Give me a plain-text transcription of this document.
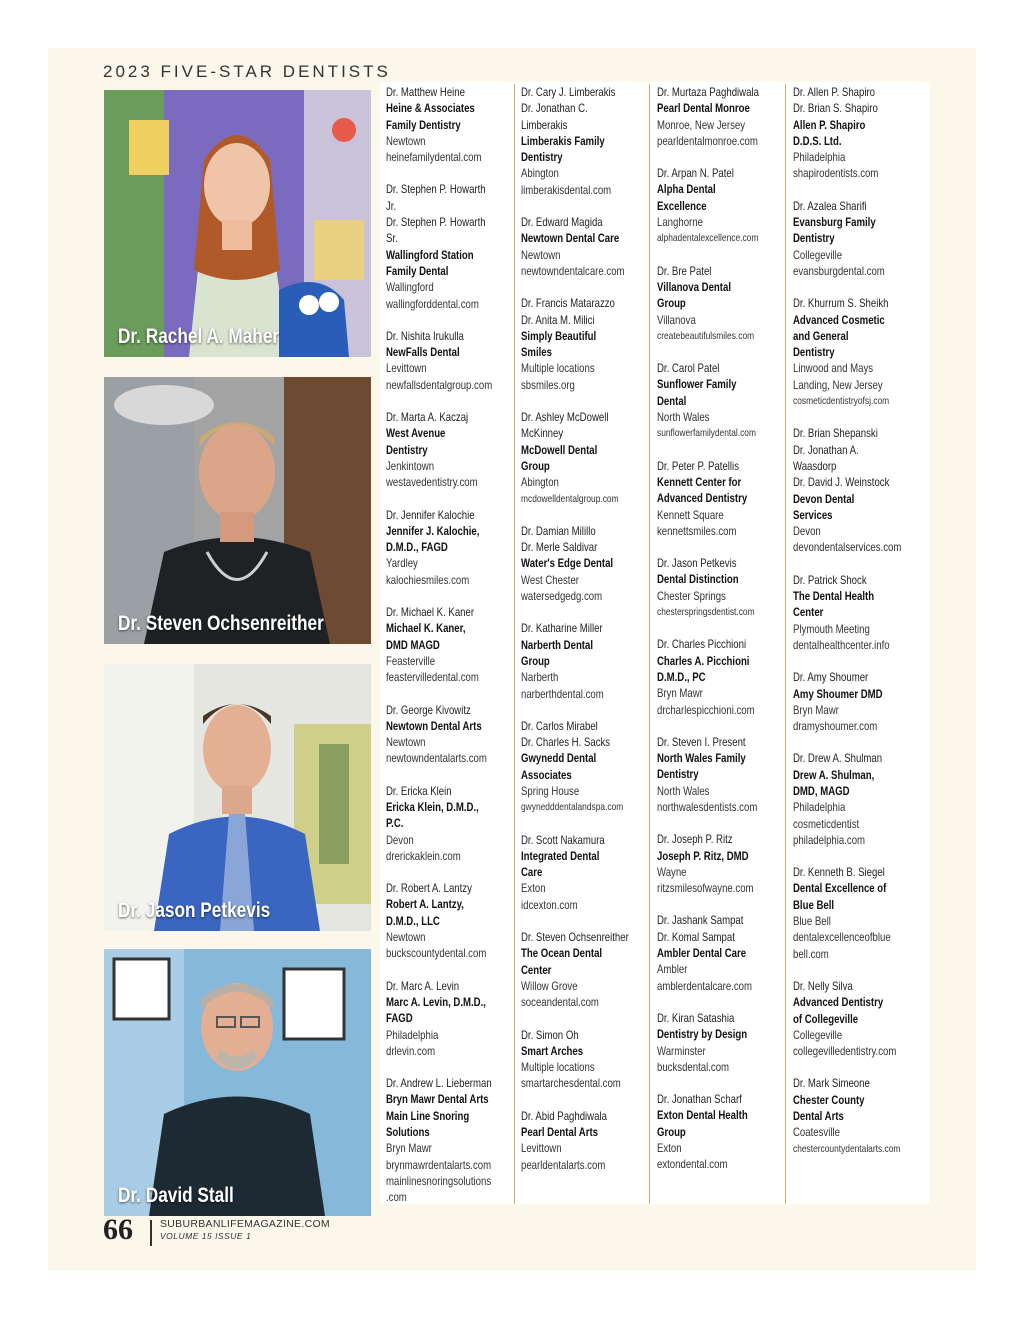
2023 FIVE-STAR DENTISTS
Dr. Rachel A. Maher
Dr. Steven Ochsenreither
Dr. Jason Petkevis
Dr. David Stall
Dr. Matthew Heine
Heine & Associates
Family Dentistry
Newtown
heinefamilydental.com
Dr. Stephen P. Howarth
Jr.
Dr. Stephen P. Howarth
Sr.
Wallingford Station
Family Dental
Wallingford
wallingforddental.com
Dr. Nishita Irukulla
NewFalls Dental
Levittown
newfallsdentalgroup.com
Dr. Marta A. Kaczaj
West Avenue
Dentistry
Jenkintown
westavedentistry.com
Dr. Jennifer Kalochie
Jennifer J. Kalochie,
D.M.D., FAGD
Yardley
kalochiesmiles.com
Dr. Michael K. Kaner
Michael K. Kaner,
DMD MAGD
Feasterville
feastervilledental.com
Dr. George Kivowitz
Newtown Dental Arts
Newtown
newtowndentalarts.com
Dr. Ericka Klein
Ericka Klein, D.M.D.,
P.C.
Devon
drerickaklein.com
Dr. Robert A. Lantzy
Robert A. Lantzy,
D.M.D., LLC
Newtown
buckscountydental.com
Dr. Marc A. Levin
Marc A. Levin, D.M.D.,
FAGD
Philadelphia
drlevin.com
Dr. Andrew L. Lieberman
Bryn Mawr Dental Arts
Main Line Snoring
Solutions
Bryn Mawr
brynmawrdentalarts.com
mainlinesnoringsolutions
.com
Dr. Cary J. Limberakis
Dr. Jonathan C.
Limberakis
Limberakis Family
Dentistry
Abington
limberakisdental.com
Dr. Edward Magida
Newtown Dental Care
Newtown
newtowndentalcare.com
Dr. Francis Matarazzo
Dr. Anita M. Milici
Simply Beautiful
Smiles
Multiple locations
sbsmiles.org
Dr. Ashley McDowell
McKinney
McDowell Dental
Group
Abington
mcdowelldentalgroup.com
Dr. Damian Milillo
Dr. Merle Saldivar
Water's Edge Dental
West Chester
watersedgedg.com
Dr. Katharine Miller
Narberth Dental
Group
Narberth
narberthdental.com
Dr. Carlos Mirabel
Dr. Charles H. Sacks
Gwynedd Dental
Associates
Spring House
gwynedddentalandspa.com
Dr. Scott Nakamura
Integrated Dental
Care
Exton
idcexton.com
Dr. Steven Ochsenreither
The Ocean Dental
Center
Willow Grove
soceandental.com
Dr. Simon Oh
Smart Arches
Multiple locations
smartarchesdental.com
Dr. Abid Paghdiwala
Pearl Dental Arts
Levittown
pearldentalarts.com
Dr. Murtaza Paghdiwala
Pearl Dental Monroe
Monroe, New Jersey
pearldentalmonroe.com
Dr. Arpan N. Patel
Alpha Dental
Excellence
Langhorne
alphadentalexcellence.com
Dr. Bre Patel
Villanova Dental
Group
Villanova
createbeautifulsmiles.com
Dr. Carol Patel
Sunflower Family
Dental
North Wales
sunflowerfamilydental.com
Dr. Peter P. Patellis
Kennett Center for
Advanced Dentistry
Kennett Square
kennettsmiles.com
Dr. Jason Petkevis
Dental Distinction
Chester Springs
chesterspringsdentist.com
Dr. Charles Picchioni
Charles A. Picchioni
D.M.D., PC
Bryn Mawr
drcharlespicchioni.com
Dr. Steven I. Present
North Wales Family
Dentistry
North Wales
northwalesdentists.com
Dr. Joseph P. Ritz
Joseph P. Ritz, DMD
Wayne
ritzsmilesofwayne.com
Dr. Jashank Sampat
Dr. Komal Sampat
Ambler Dental Care
Ambler
amblerdentalcare.com
Dr. Kiran Satashia
Dentistry by Design
Warminster
bucksdental.com
Dr. Jonathan Scharf
Exton Dental Health
Group
Exton
extondental.com
Dr. Allen P. Shapiro
Dr. Brian S. Shapiro
Allen P. Shapiro
D.D.S. Ltd.
Philadelphia
shapirodentists.com
Dr. Azalea Sharifi
Evansburg Family
Dentistry
Collegeville
evansburgdental.com
Dr. Khurrum S. Sheikh
Advanced Cosmetic
and General
Dentistry
Linwood and Mays
Landing, New Jersey
cosmeticdentistryofsj.com
Dr. Brian Shepanski
Dr. Jonathan A.
Waasdorp
Dr. David J. Weinstock
Devon Dental
Services
Devon
devondentalservices.com
Dr. Patrick Shock
The Dental Health
Center
Plymouth Meeting
dentalhealthcenter.info
Dr. Amy Shoumer
Amy Shoumer DMD
Bryn Mawr
dramyshoumer.com
Dr. Drew A. Shulman
Drew A. Shulman,
DMD, MAGD
Philadelphia
cosmeticdentist
philadelphia.com
Dr. Kenneth B. Siegel
Dental Excellence of
Blue Bell
Blue Bell
dentalexcellenceofblue
bell.com
Dr. Nelly Silva
Advanced Dentistry
of Collegeville
Collegeville
collegevilledentistry.com
Dr. Mark Simeone
Chester County
Dental Arts
Coatesville
chestercountydentalarts.com
66	SUBURBANLIFEMAGAZINE.COM
VOLUME 15 ISSUE 1
